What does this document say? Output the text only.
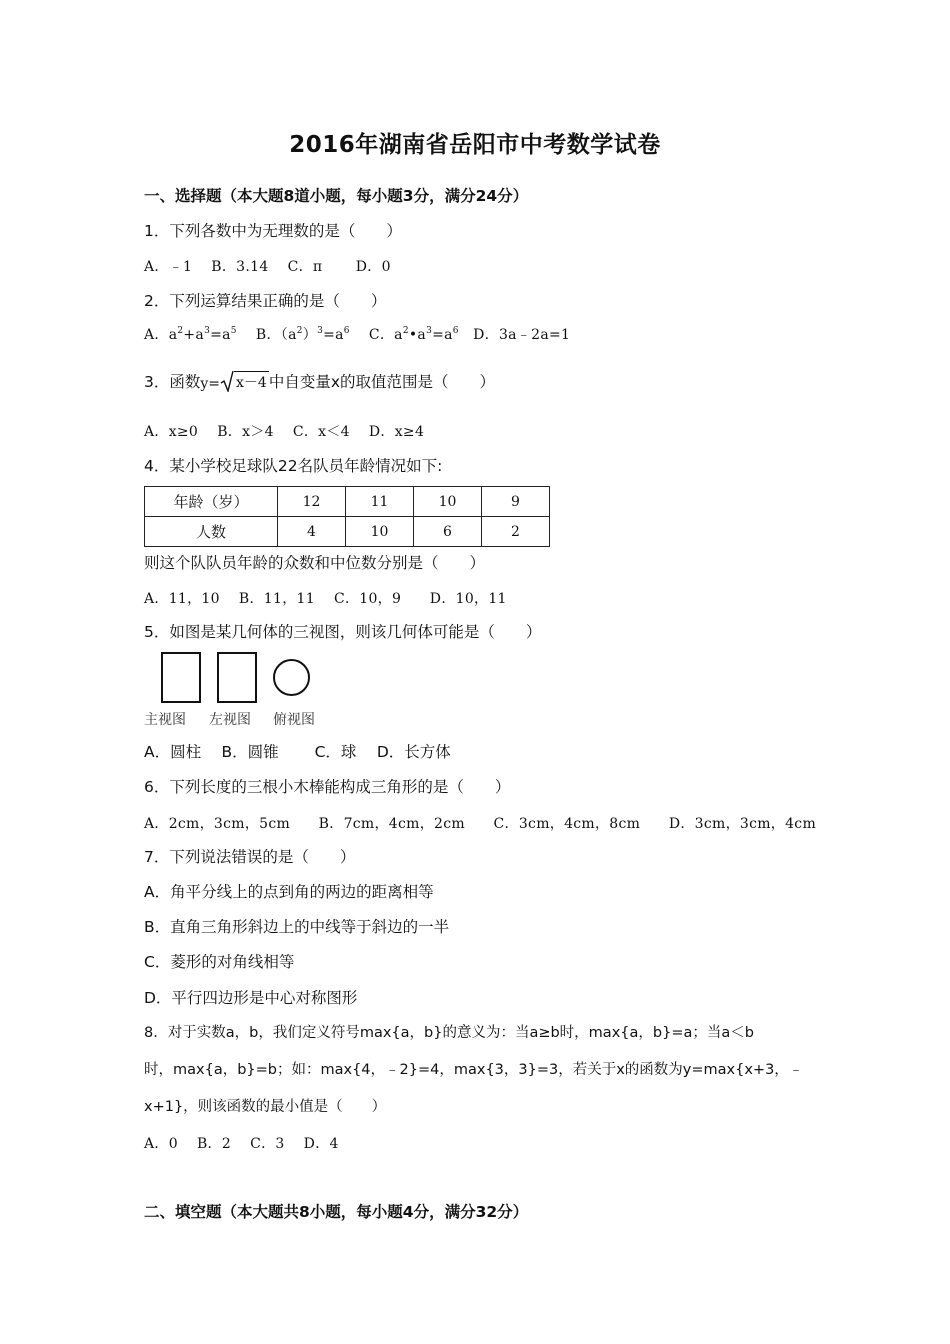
2016年湖南省岳阳市中考数学试卷
一、选择题（本大题8道小题，每小题3分，满分24分）
1．下列各数中为无理数的是（　　）
A．﹣1　 B．3.14　 C．π　　 D．0
2．下列运算结果正确的是（　　）
A．$a^2+a^3=a^5$　 B．$(a^2)^3=a^6$　 C．$a^2•a^3=a^6$　D．3a﹣2a=1
3．函数 y= x－4 中自变量x的取值范围是（　　）
A．x≥0　 B．x＞4　 C．x＜4　 D．x≥4
4．某小学校足球队22名队员年龄情况如下:
年龄（岁）	12	11	10	9
人数	4	10	6	2
则这个队队员年龄的众数和中位数分别是（　　）
A．11，10　 B．11，11　 C．10，9　　D．10，11
5．如图是某几何体的三视图，则该几何体可能是（　　）
主视图 左视图 俯视图
A．圆柱　 B．圆锥　　 C．球　 D．长方体
6．下列长度的三根小木棒能构成三角形的是（　　）
A．2cm，3cm，5cm　　B．7cm，4cm，2cm　　C．3cm，4cm，8cm　　D．3cm，3cm，4cm
7．下列说法错误的是（　　）
A．角平分线上的点到角的两边的距离相等
B．直角三角形斜边上的中线等于斜边的一半
C．菱形的对角线相等
D．平行四边形是中心对称图形
8．对于实数a，b，我们定义符号max{a，b}的意义为：当a≥b时，max{a，b}=a；当a＜b
时，max{a，b}=b；如：max{4，﹣2}=4，max{3，3}=3，若关于x的函数为y=max{x+3，﹣
x+1}，则该函数的最小值是（　　）
A．0　 B．2　 C．3　 D．4
二、填空题（本大题共8小题，每小题4分，满分32分）
